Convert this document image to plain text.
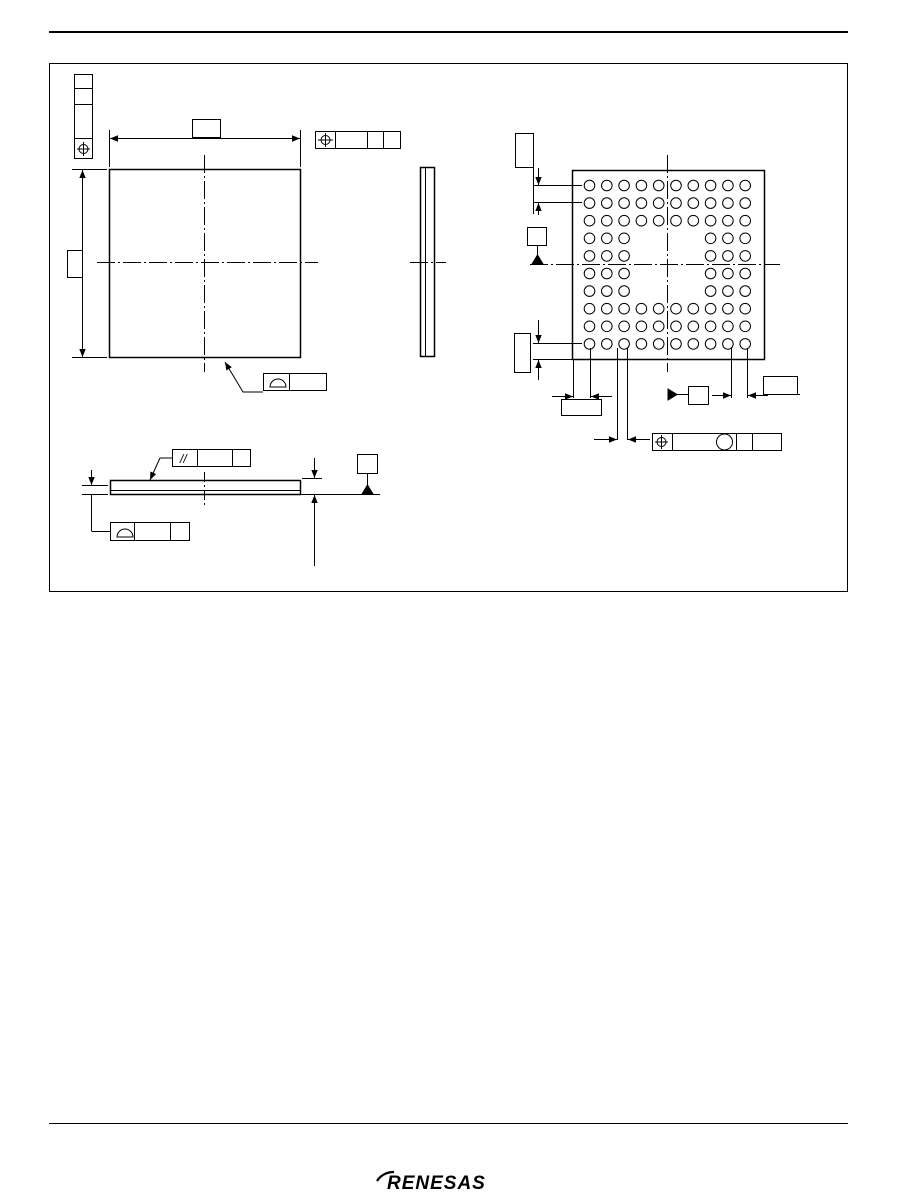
//
RENESAS
